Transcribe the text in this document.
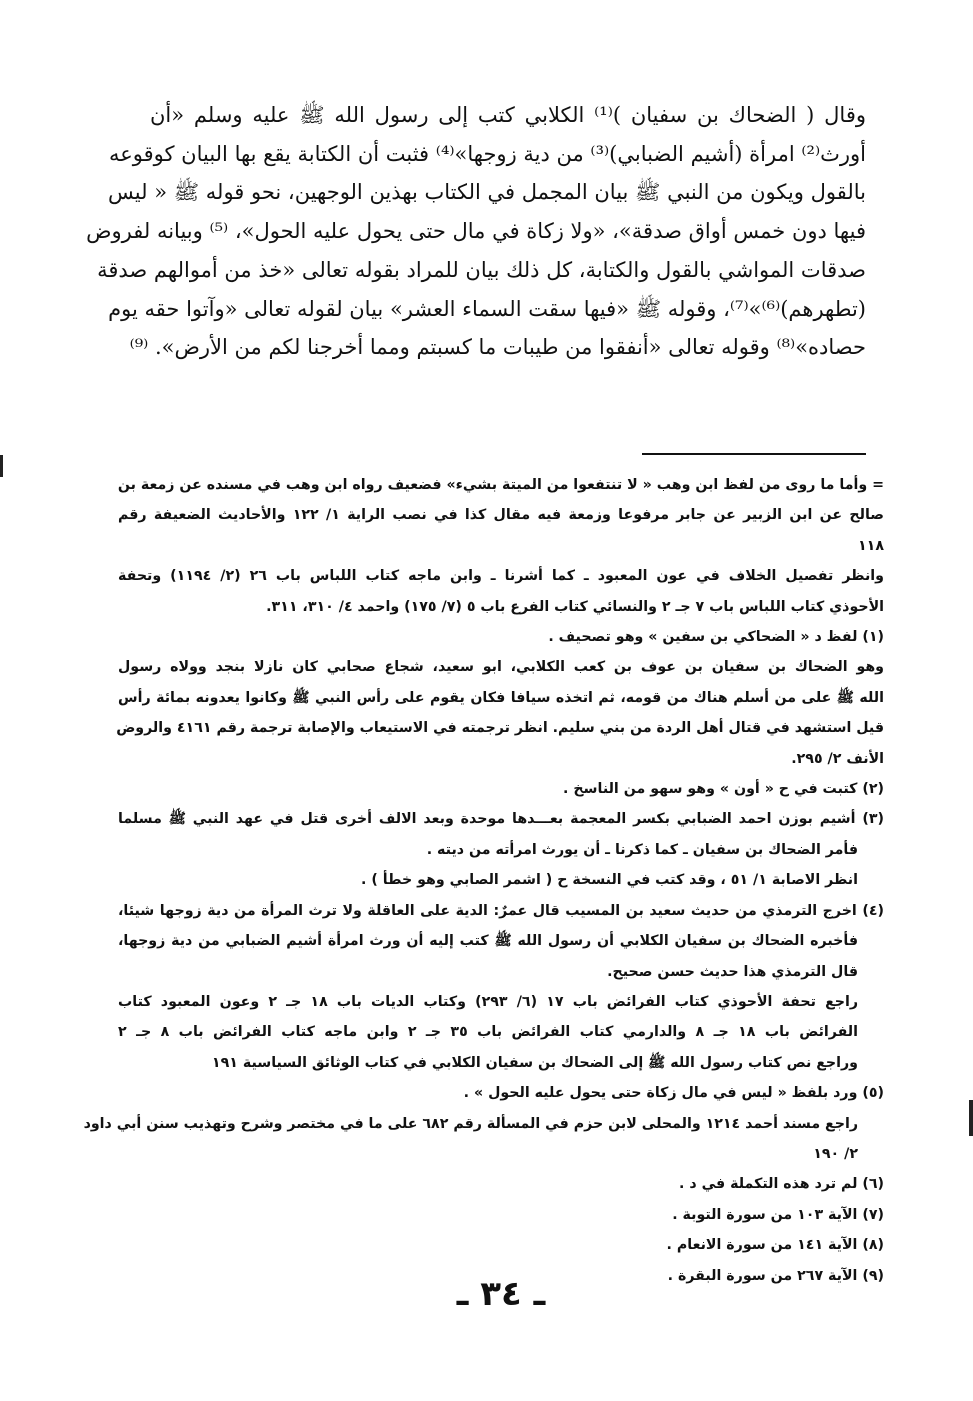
وقال ( الضحاك بن سفيان )⁽¹⁾ الكلابي كتب إلى رسول الله ﷺ عليه وسلم «أن
أورث⁽²⁾ امرأة (أشيم الضبابي)⁽³⁾ من دية زوجها»⁽⁴⁾ فثبت أن الكتابة يقع بها البيان كوقوعه
بالقول ويكون من النبي ﷺ بيان المجمل في الكتاب بهذين الوجهين، نحو قوله ﷺ « ليس
فيها دون خمس أواق صدقة»، «ولا زكاة في مال حتى يحول عليه الحول»، ⁽⁵⁾ وبيانه لفروض
صدقات المواشي بالقول والكتابة، كل ذلك بيان للمراد بقوله تعالى «خذ من أموالهم صدقة
(تطهرهم)⁽⁶⁾»⁽⁷⁾، وقوله ﷺ «فيها سقت السماء العشر» بيان لقوله تعالى «وآتوا حقه يوم
حصاده»⁽⁸⁾ وقوله تعالى «أنفقوا من طيبات ما كسبتم ومما أخرجنا لكم من الأرض». ⁽⁹⁾

= وأما ما روى من لفظ ابن وهب « لا تنتفعوا من الميتة بشيء» فضعيف رواه ابن وهب في مسنده عن زمعة بن
صالح عن ابن الزبير عن جابر مرفوعا وزمعة فيه مقال كذا في نصب الراية ١/ ١٢٢ والأحاديث الضعيفة رقم
١١٨

وانظر تفصيل الخلاف في عون المعبود ـ كما أشرنا ـ وابن ماجه كتاب اللباس باب ٢٦ (٢/ ١١٩٤) وتحفة
الأحوذي كتاب اللباس باب ٧ جـ ٢ والنسائي كتاب الفرع باب ٥ (٧/ ١٧٥) واحمد ٤/ ٣١٠، ٣١١.

(١) لفظ د « الضحاكي بن سفين » وهو تصحيف .

وهو الضحاك بن سفيان بن عوف بن كعب الكلابي، ابو سعيد، شجاع صحابي كان نازلا بنجد وولاه رسول
الله ﷺ على من أسلم هناك من قومه، ثم اتخذه سيافا فكان يقوم على رأس النبي ﷺ وكانوا يعدونه بمائة رأس
قيل استشهد في قتال أهل الردة من بني سليم. انظر ترجمته في الاستيعاب والإصابة ترجمة رقم ٤١٦١ والروض
الأنف ٢/ ٢٩٥.

(٢) كتبت في ح « أون » وهو سهو من الناسخ .

(٣) أشيم بوزن احمد الضبابي بكسر المعجمة بعـــدها موحدة وبعد الالف أخرى قتل في عهد النبي ﷺ مسلما
فأمر الضحاك بن سفيان ـ كما ذكرنا ـ أن يورث امرأته من ديته .

انظر الاصابة ١/ ٥١ ، وقد كتب في النسخة ح ( اشمر الصابي وهو خطأ ) .

(٤) اخرج الترمذي من حديث سعيد بن المسيب قال عمرٌ: الدية على العاقلة ولا ترث المرأة من دية زوجها شيئا،
فأخبره الضحاك بن سفيان الكلابي أن رسول الله ﷺ كتب إليه أن ورث امرأة أشيم الضبابي من دية زوجها،
قال الترمذي هذا حديث حسن صحيح.

راجع تحفة الأحوذي كتاب الفرائض باب ١٧ (٦/ ٢٩٣) وكتاب الديات باب ١٨ جـ ٢ وعون المعبود كتاب
الفرائض باب ١٨ جـ ٨ والدارمي كتاب الفرائض باب ٣٥ جـ ٢ وابن ماجه كتاب الفرائض باب ٨ جـ ٢
وراجع نص كتاب رسول الله ﷺ إلى الضحاك بن سفيان الكلابي في كتاب الوثائق السياسية ١٩١

(٥) ورد بلفظ « ليس في مال زكاة حتى يحول عليه الحول » .

راجع مسند أحمد ١٢١٤ والمحلى لابن حزم في المسألة رقم ٦٨٢ على ما في مختصر وشرح وتهذيب سنن أبي داود
٢/ ١٩٠

(٦) لم ترد هذه التكملة في د .

(٧) الآية ١٠٣ من سورة التوبة .

(٨) الآية ١٤١ من سورة الانعام .

(٩) الآية ٢٦٧ من سورة البقرة .

ـ ٣٤ ـ
